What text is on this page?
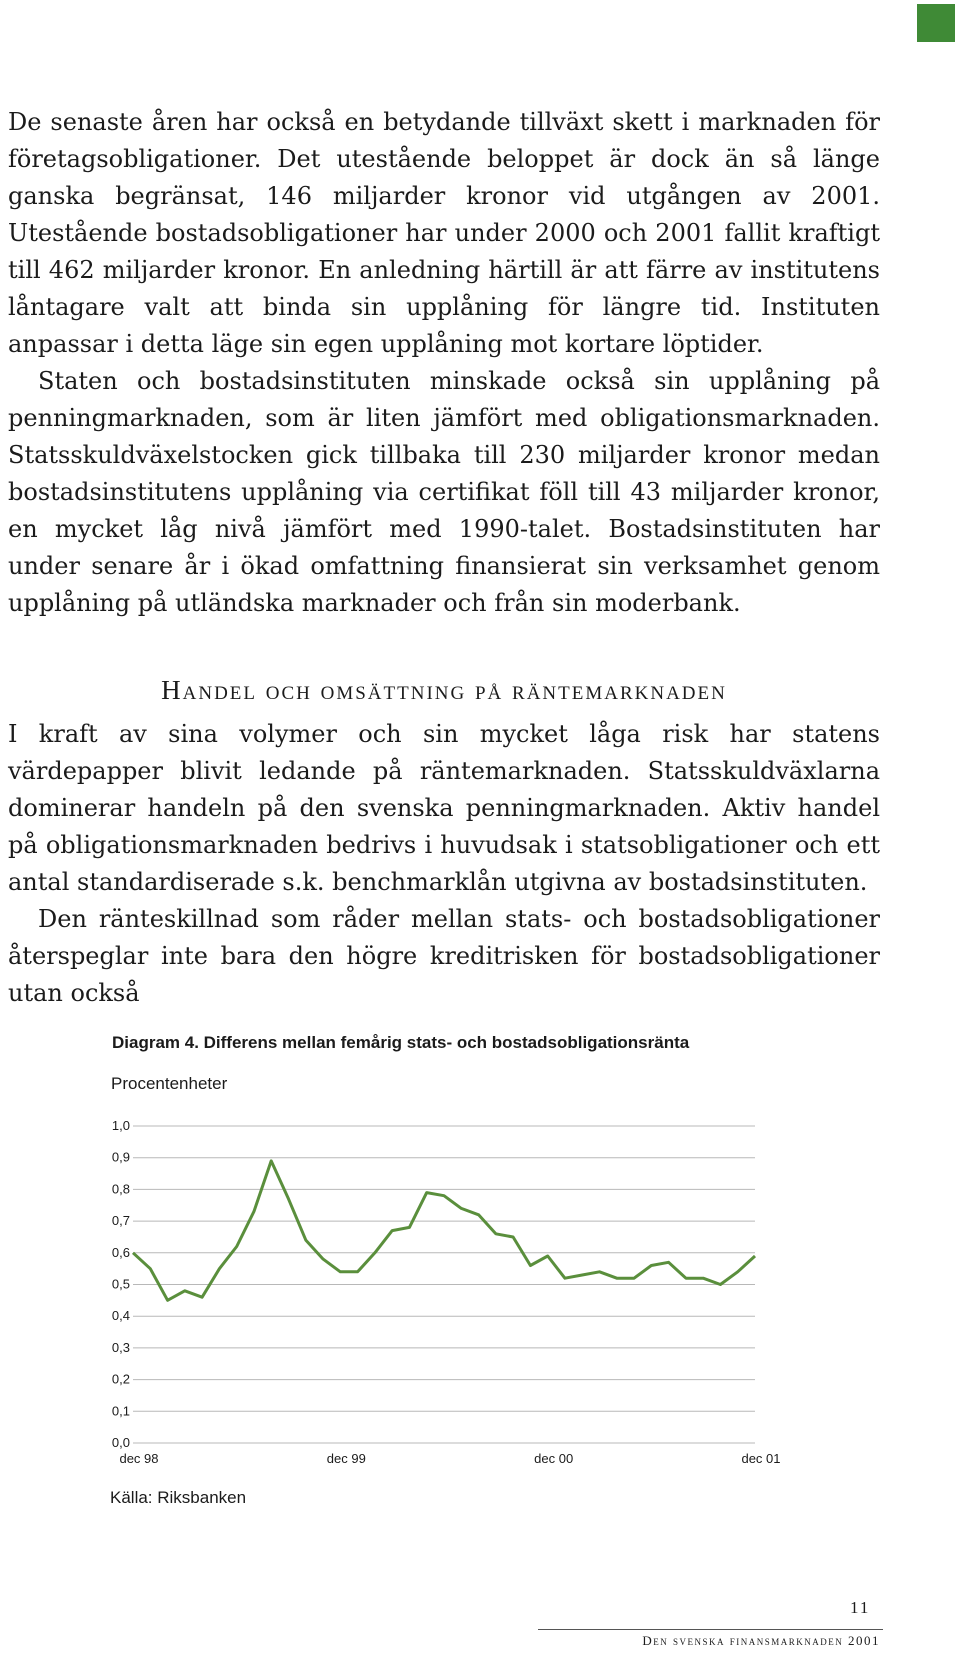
De senaste åren har också en betydande tillväxt skett i marknaden för företagsobligationer. Det utestående beloppet är dock än så länge ganska begränsat, 146 miljarder kronor vid utgången av 2001. Utestående bostadsobligationer har under 2000 och 2001 fallit kraftigt till 462 miljarder kronor. En anledning härtill är att färre av institutens låntagare valt att binda sin upplåning för längre tid. Instituten anpassar i detta läge sin egen upplåning mot kortare löptider.

Staten och bostadsinstituten minskade också sin upplåning på penningmarknaden, som är liten jämfört med obligationsmarknaden. Statsskuldväxelstocken gick tillbaka till 230 miljarder kronor medan bostadsinstitutens upplåning via certifikat föll till 43 miljarder kronor, en mycket låg nivå jämfört med 1990-talet. Bostadsinstituten har under senare år i ökad omfattning finansierat sin verksamhet genom upplåning på utländska marknader och från sin moderbank.

Handel och omsättning på räntemarknaden

I kraft av sina volymer och sin mycket låga risk har statens värdepapper blivit ledande på räntemarknaden. Statsskuldväxlarna dominerar handeln på den svenska penningmarknaden. Aktiv handel på obligationsmarknaden bedrivs i huvudsak i statsobligationer och ett antal standardiserade s.k. benchmarklån utgivna av bostadsinstituten.

Den ränteskillnad som råder mellan stats- och bostadsobligationer återspeglar inte bara den högre kreditrisken för bostadsobligationer utan också

Diagram 4. Differens mellan femårig stats- och bostadsobligationsränta
Procentenheter
1,0
0,9
0,8
0,7
0,6
0,5
0,4
0,3
0,2
0,1
0,0
dec 98	dec 99	dec 00	dec 01
Källa: Riksbanken
11
Den svenska finansmarknaden 2001
